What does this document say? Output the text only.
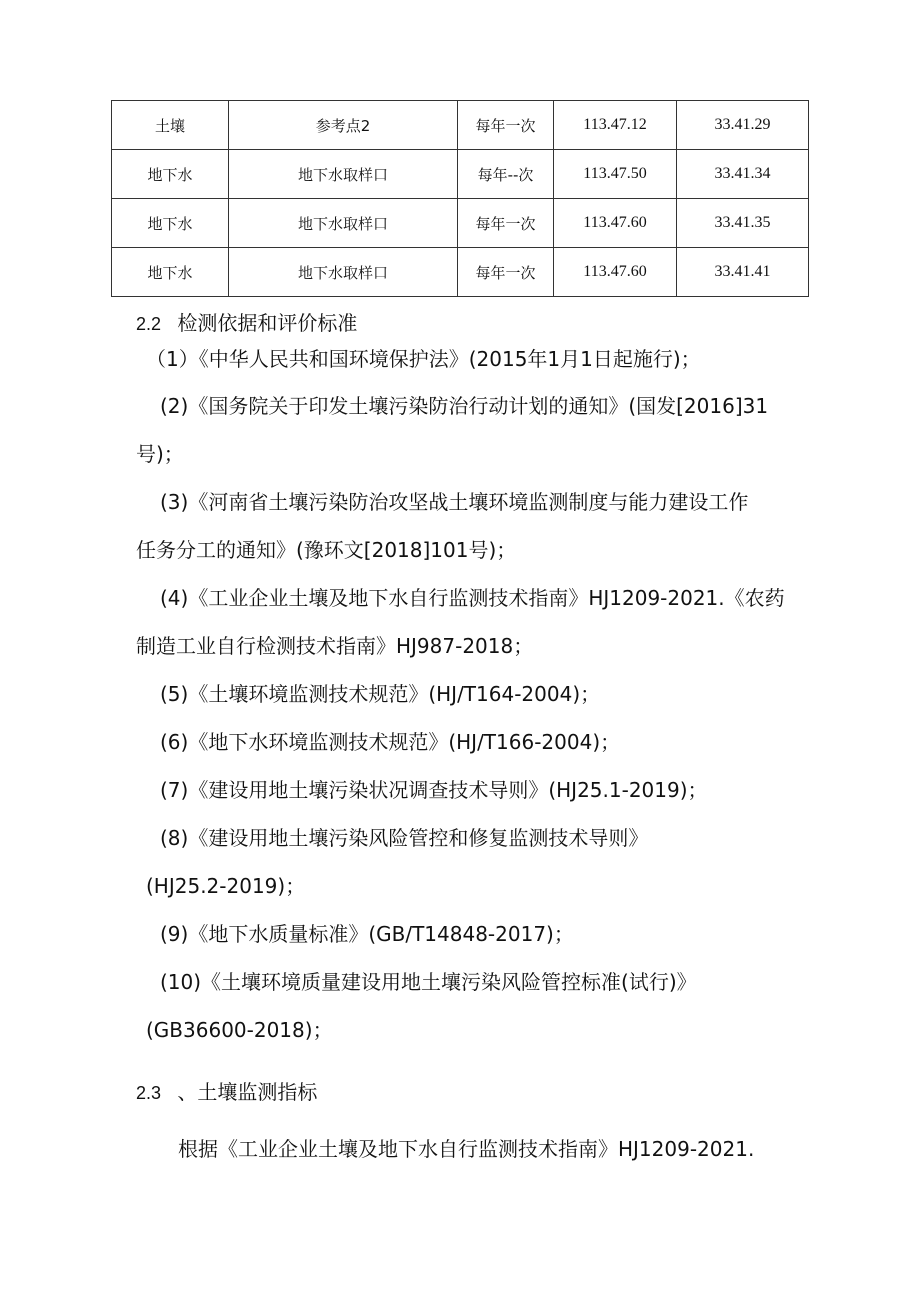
土壤	参考点2	每年一次	113.47.12	33.41.29
地下水	地下水取样口	每年--次	113.47.50	33.41.34
地下水	地下水取样口	每年一次	113.47.60	33.41.35
地下水	地下水取样口	每年一次	113.47.60	33.41.41
2.2 检测依据和评价标准
（1）《中华人民共和国环境保护法》(2015年1月1日起施行)；
(2)《国务院关于印发土壤污染防治行动计划的通知》(国发[2016]31
号)；
(3)《河南省土壤污染防治攻坚战土壤环境监测制度与能力建设工作
任务分工的通知》(豫环文[2018]101号)；
(4)《工业企业土壤及地下水自行监测技术指南》HJ1209-2021.《农药
制造工业自行检测技术指南》HJ987-2018；
(5)《土壤环境监测技术规范》(HJ/T164-2004)；
(6)《地下水环境监测技术规范》(HJ/T166-2004)；
(7)《建设用地土壤污染状况调查技术导则》(HJ25.1-2019)；
(8)《建设用地土壤污染风险管控和修复监测技术导则》
(HJ25.2-2019)；
(9)《地下水质量标准》(GB/T14848-2017)；
(10)《土壤环境质量建设用地土壤污染风险管控标准(试行)》
(GB36600-2018)；
2.3 、土壤监测指标
根据《工业企业土壤及地下水自行监测技术指南》HJ1209-2021.
